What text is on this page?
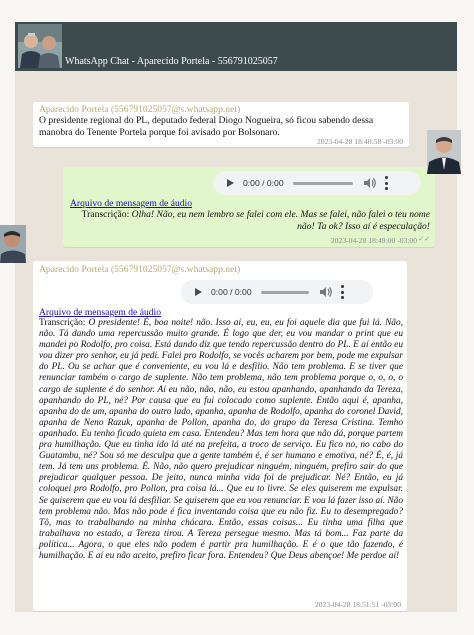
WhatsApp Chat - Aparecido Portela - 556791025057
Aparecido Portela (556791025057@s.whatsapp.net)
O presidente regional do PL, deputado federal Diogo Nogueira, só ficou sabendo dessa manobra do Tenente Portela porque foi avisado por Bolsonaro.
2023-04-28 18:40:58 -03:00
0:00 / 0:00
Arquivo de mensagem de áudio
Transcrição: Olha! Não, eu nem lembro se falei com ele. Mas se falei, não falei o teu nome não! Ta ok? Isso aí é especulação!
2023-04-28 18:49:00 -03:00 ✓✓
Aparecido Portela (556791025057@s.whatsapp.net)
0:00 / 0:00
Arquivo de mensagem de áudio
Transcrição: O presidente! É, boa noite! não. Isso aí, eu, eu, eu foi aquele dia que fui lá. Não, não. Tá dando uma repercussão muito grande. É logo que der, eu vou mandar o print que eu mandei po Rodolfo, pro coisa. Está dando diz que tendo repercussão dentro do PL. E aí então eu vou dizer pro senhor, eu já pedi. Falei pro Rodolfo, se vocês acharem por bem, pode me expulsar do PL. Ou se achar que é conveniente, eu vou lá e desfilio. Não tem problema. E se tiver que renunciar também o cargo de suplente. Não tem problema, não tem problema porque o, o, o, o cargo de suplente é do senhor. Aí eu não, não, não, eu estou apanhando, apanhando da Tereza, apanhando do PL, né? Por causa que eu fui colocado como suplente. Então aqui é, apanha, apanha do de um, apanha do outro lado, apanha, apanha de Rodolfo, apanha do coronel David, apanha de Neno Razuk, apanha de Pollon, apanha do, do grupo da Teresa Cristina. Temho apanhado. Eu tenho ficado quieta em casa. Entendeu? Mas tem hora que não dá, porque partem pra humilhação. Que eu tinha ido lá até na prefeita, a troco de serviço. Eu fico no, no cabo do Guatambu, né? Sou só me desculpa que a gente também é, é ser humano e emotiva, né? É, é, já tem. Já tem uns problema. É. Não, não quero prejudicar ninguém, ninguém, prefiro sair do que prejudicar qualquer pessoa. De jeito, nunca minha vida foi de prejudicar. Né? Então, eu já coloquei pro Rodolfo, pro Pollon, pra coisa lá... Que eu to livre. Se eles quiserem me expulsar. Se quiserem que eu vou lá desfiliar. Se quiserem que eu vou renunciar. E vou lá fazer isso aí. Não tem problema não. Mas não pode é fica inventando coisa que eu não fiz. Eu to desempregado? Tô, mas to trabalhando na minha chácara. Então, essas coisas... Eu tinha uma filha que trabalhava no estado, a Tereza tirou. A Tereza persegue mesmo. Mas tá bom... Faz parte da política... Agora, o que eles não podem é partir pra humilhação. E é o que tão fazendo, é humilhação. E aí eu não aceito, prefiro ficar fora. Entendeu? Que Deus abençoe! Me perdoe aí!
2023-04-28 18:51:51 -03:00
